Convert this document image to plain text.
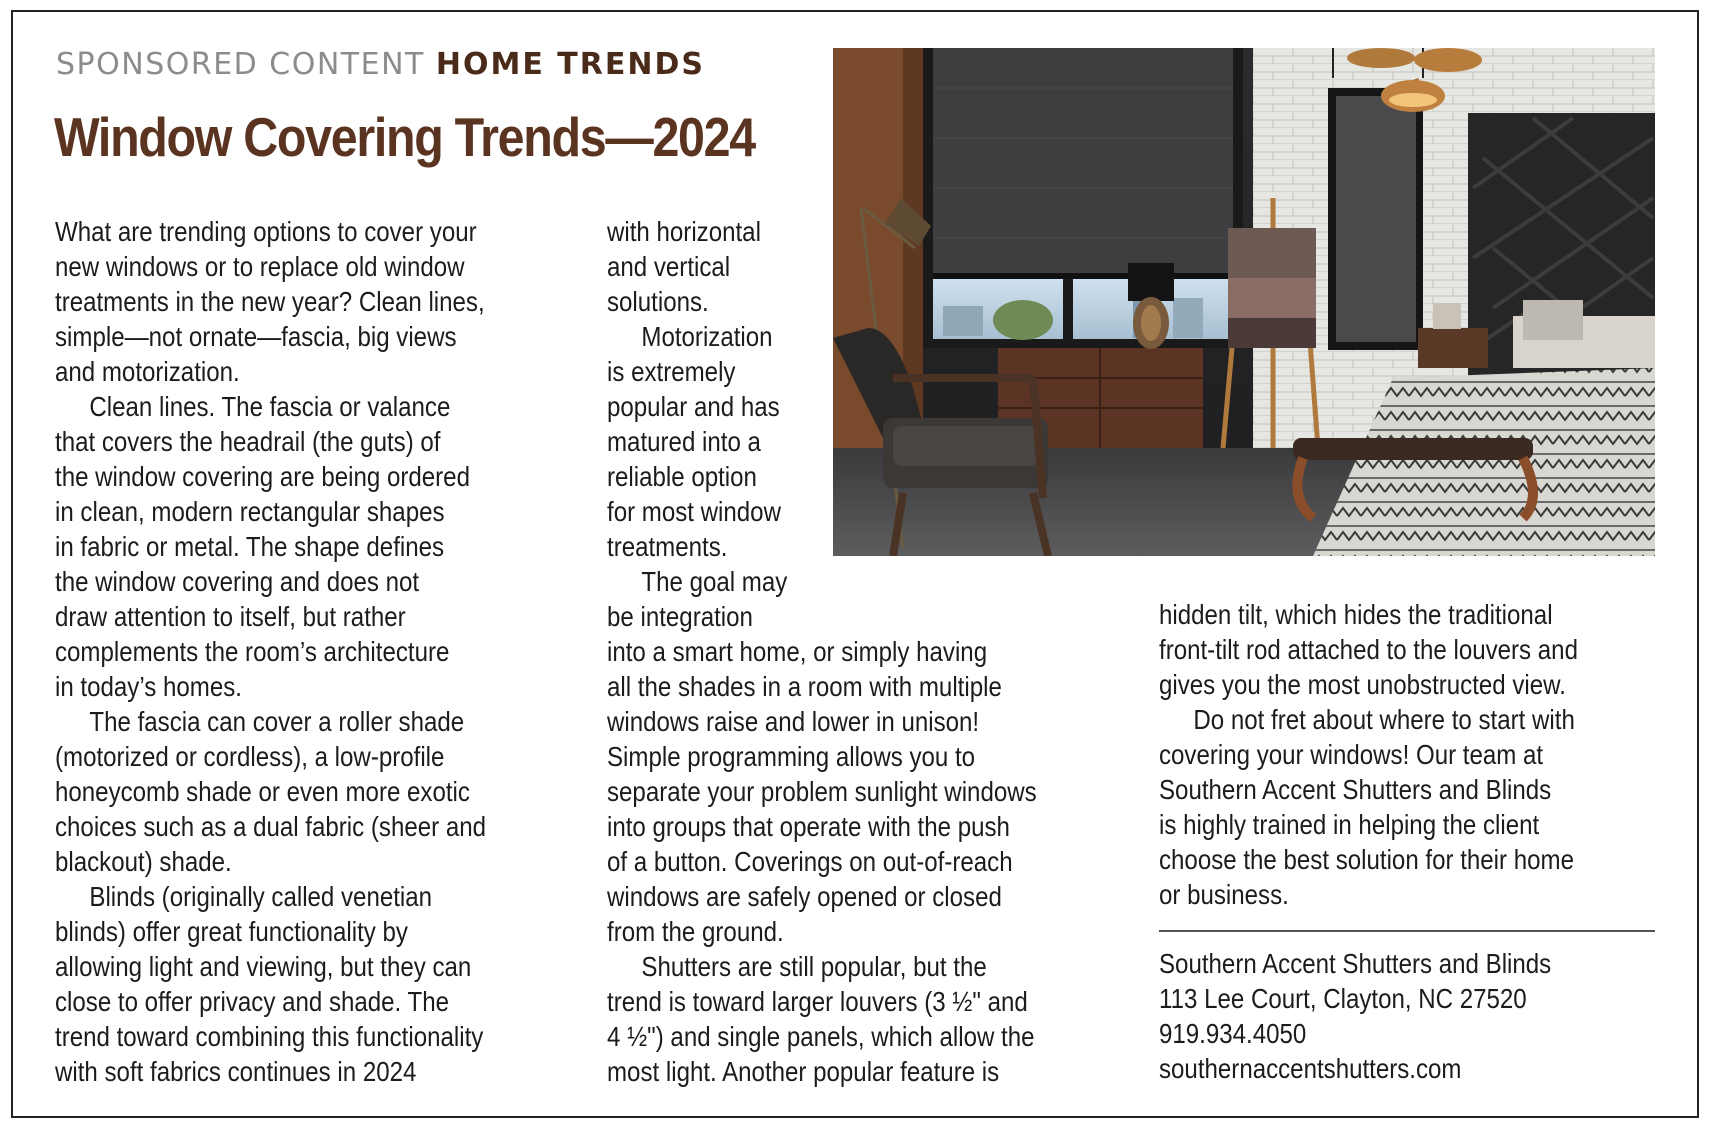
SPONSORED CONTENT HOME TRENDS
Window Covering Trends—2024
What are trending options to cover your
new windows or to replace old window
treatments in the new year? Clean lines,
simple—not ornate—fascia, big views
and motorization.
Clean lines. The fascia or valance
that covers the headrail (the guts) of
the window covering are being ordered
in clean, modern rectangular shapes
in fabric or metal. The shape defines
the window covering and does not
draw attention to itself, but rather
complements the room’s architecture
in today’s homes.
The fascia can cover a roller shade
(motorized or cordless), a low-profile
honeycomb shade or even more exotic
choices such as a dual fabric (sheer and
blackout) shade.
Blinds (originally called venetian
blinds) offer great functionality by
allowing light and viewing, but they can
close to offer privacy and shade. The
trend toward combining this functionality
with soft fabrics continues in 2024
with horizontal
and vertical
solutions.
Motorization
is extremely
popular and has
matured into a
reliable option
for most window
treatments.
The goal may
be integration
into a smart home, or simply having
all the shades in a room with multiple
windows raise and lower in unison!
Simple programming allows you to
separate your problem sunlight windows
into groups that operate with the push
of a button. Coverings on out-of-reach
windows are safely opened or closed
from the ground.
Shutters are still popular, but the
trend is toward larger louvers (3 ½" and
4 ½") and single panels, which allow the
most light. Another popular feature is
hidden tilt, which hides the traditional
front-tilt rod attached to the louvers and
gives you the most unobstructed view.
Do not fret about where to start with
covering your windows! Our team at
Southern Accent Shutters and Blinds
is highly trained in helping the client
choose the best solution for their home
or business.
Southern Accent Shutters and Blinds
113 Lee Court, Clayton, NC 27520
919.934.4050
southernaccentshutters.com
